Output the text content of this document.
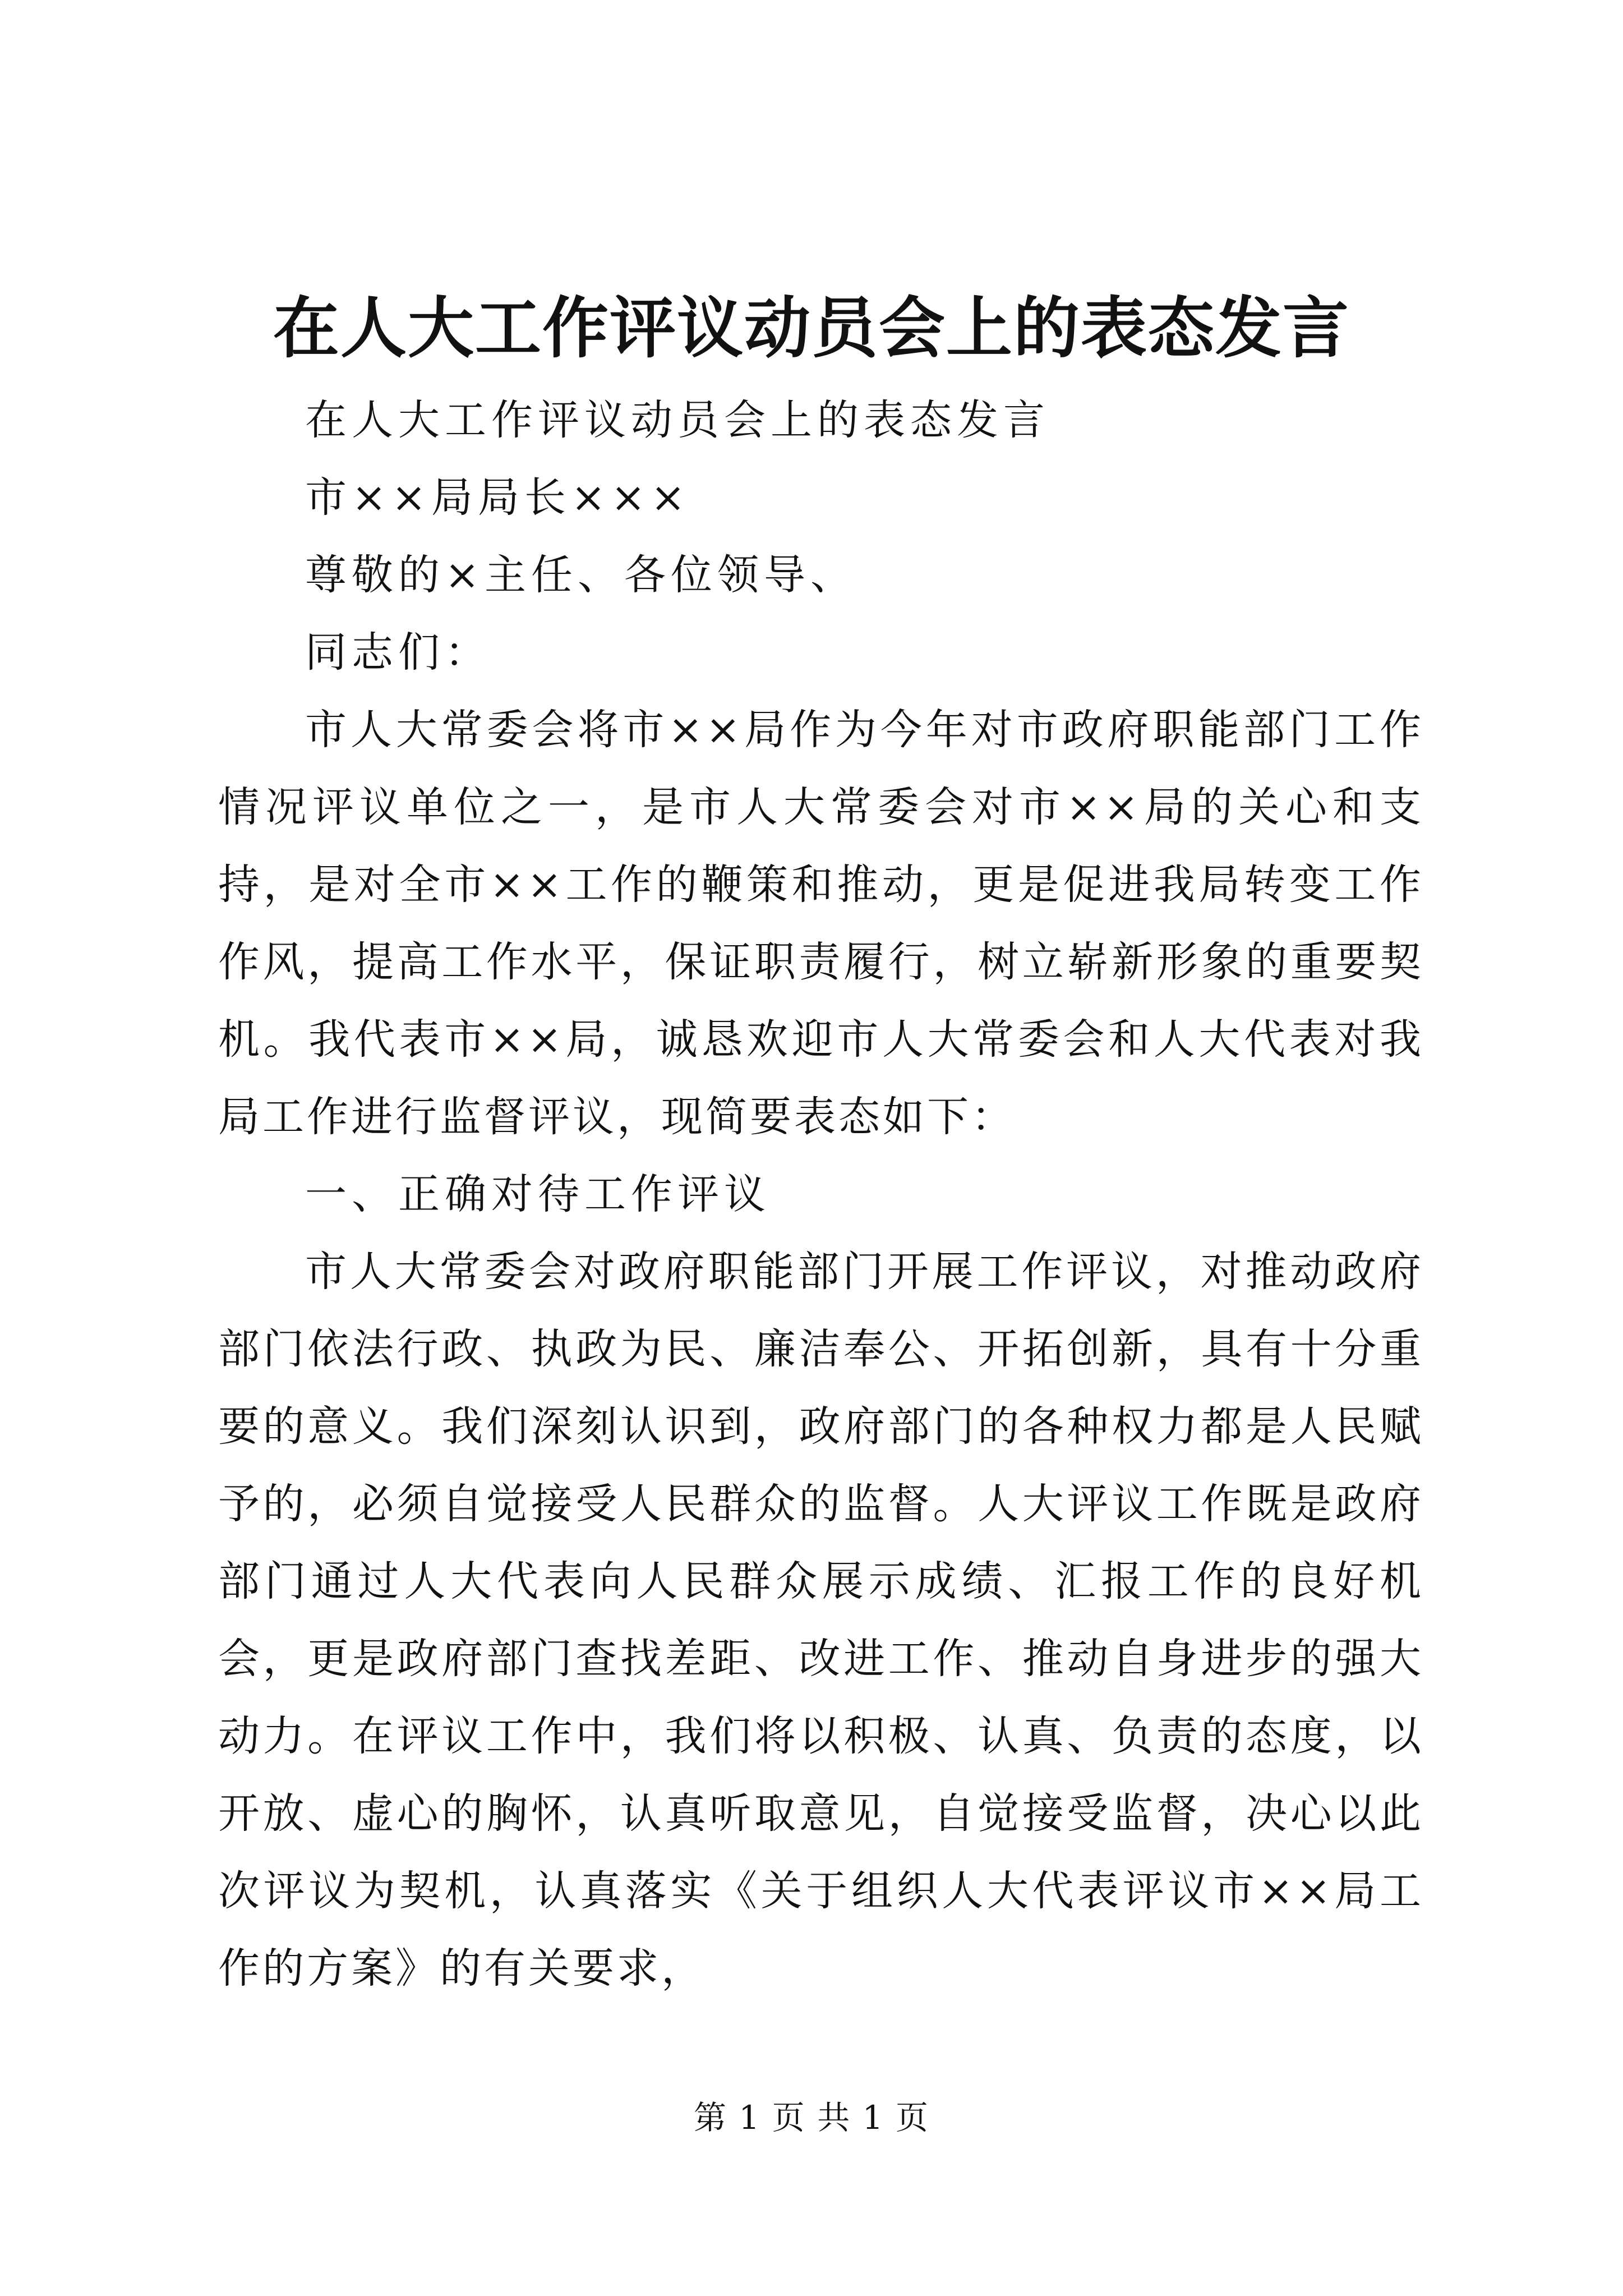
在人大工作评议动员会上的表态发言

在人大工作评议动员会上的表态发言

市××局局长×××

尊敬的×主任、各位领导、

同志们：

市人大常委会将市××局作为今年对市政府职能部门工作情况评议单位之一，是市人大常委会对市××局的关心和支持，是对全市××工作的鞭策和推动，更是促进我局转变工作作风，提高工作水平，保证职责履行，树立崭新形象的重要契机。我代表市××局，诚恳欢迎市人大常委会和人大代表对我局工作进行监督评议，现简要表态如下：

一、正确对待工作评议

市人大常委会对政府职能部门开展工作评议，对推动政府部门依法行政、执政为民、廉洁奉公、开拓创新，具有十分重要的意义。我们深刻认识到，政府部门的各种权力都是人民赋予的，必须自觉接受人民群众的监督。人大评议工作既是政府部门通过人大代表向人民群众展示成绩、汇报工作的良好机会，更是政府部门查找差距、改进工作、推动自身进步的强大动力。在评议工作中，我们将以积极、认真、负责的态度，以开放、虚心的胸怀，认真听取意见，自觉接受监督，决心以此次评议为契机，认真落实《关于组织人大代表评议市××局工作的方案》的有关要求，

第 1 页 共 1 页
